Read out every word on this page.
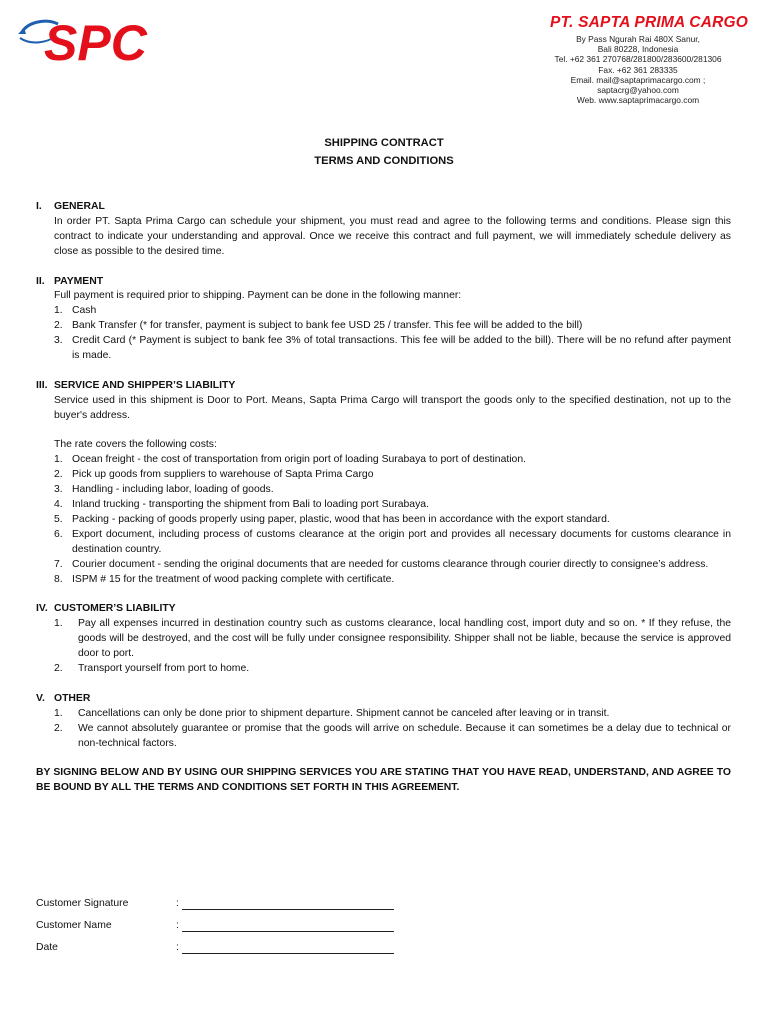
SPC	PT. SAPTA PRIMA CARGO
By Pass Ngurah Rai 480X Sanur,
Bali 80228, Indonesia
Tel. +62 361 270768/281800/283600/281306
Fax. +62 361 283335
Email. mail@saptaprimacargo.com ;
saptacrg@yahoo.com
Web. www.saptaprimacargo.com
SHIPPING CONTRACT
TERMS AND CONDITIONS
I.	GENERAL

In order PT. Sapta Prima Cargo can schedule your shipment, you must read and agree to the following terms and conditions. Please sign this contract to indicate your understanding and approval. Once we receive this contract and full payment, we will immediately schedule delivery as close as possible to the desired time.

II. PAYMENT

Full payment is required prior to shipping. Payment can be done in the following manner:

1. Cash
2. Bank Transfer (* for transfer, payment is subject to bank fee USD 25 / transfer. This fee will be added to the bill)
3. Credit Card (* Payment is subject to bank fee 3% of total transactions. This fee will be added to the bill). There will be no refund after payment is made.
III. SERVICE AND SHIPPER’S LIABILITY

Service used in this shipment is Door to Port. Means, Sapta Prima Cargo will transport the goods only to the specified destination, not up to the buyer's address.

The rate covers the following costs:

1. Ocean freight - the cost of transportation from origin port of loading Surabaya to port of destination.
2. Pick up goods from suppliers to warehouse of Sapta Prima Cargo
3. Handling - including labor, loading of goods.
4. Inland trucking - transporting the shipment from Bali to loading port Surabaya.
5. Packing - packing of goods properly using paper, plastic, wood that has been in accordance with the export standard.
6. Export document, including process of customs clearance at the origin port and provides all necessary documents for customs clearance in destination country.
7. Courier document - sending the original documents that are needed for customs clearance through courier directly to consignee’s address.
8. ISPM # 15 for the treatment of wood packing complete with certificate.
IV. CUSTOMER’S LIABILITY
1.	Pay all expenses incurred in destination country such as customs clearance, local handling cost, import duty and so on. * If they refuse, the goods will be destroyed, and the cost will be fully under consignee responsibility. Shipper shall not be liable, because the service is approved door to port.
2.	Transport yourself from port to home.
V. OTHER
1.	Cancellations can only be done prior to shipment departure. Shipment cannot be canceled after leaving or in transit.
2.	We cannot absolutely guarantee or promise that the goods will arrive on schedule. Because it can sometimes be a delay due to technical or non-technical factors.

BY SIGNING BELOW AND BY USING OUR SHIPPING SERVICES YOU ARE STATING THAT YOU HAVE READ, UNDERSTAND, AND AGREE TO BE BOUND BY ALL THE TERMS AND CONDITIONS SET FORTH IN THIS AGREEMENT.

Customer Signature	:
Customer Name	:
Date	:
